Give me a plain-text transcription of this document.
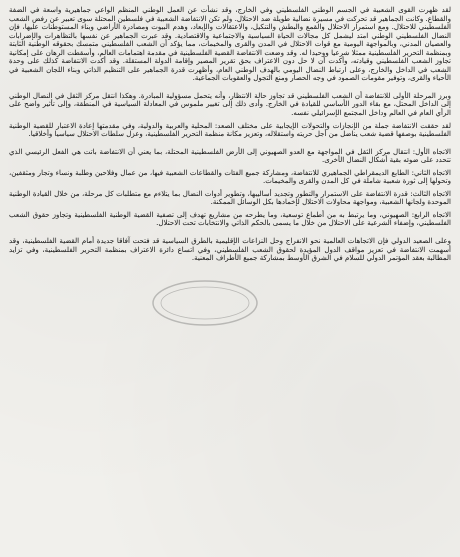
لقد ظهرت القوى الشعبية في الجسم الوطني الفلسطيني وفي الخارج، وقد نشأت عن العمل الوطني المنظم الواعي جماهيرية واسعة في الضفة والقطاع. وكانت الجماهير قد تحركت في مسيرة نضالية طويلة ضد الاحتلال. ولم تكن الانتفاضة الشعبية في فلسطين المحتلة سوى تعبير عن رفض الشعب الفلسطيني للاحتلال. ومع استمرار الاحتلال والقمع والبطش والتنكيل، والاعتقالات والإبعاد، وهدم البيوت ومصادرة الأراضي وبناء المستوطنات عليها، فإن النضال الفلسطيني الوطني امتد ليشمل كل مجالات الحياة السياسية والاجتماعية والاقتصادية. وقد عبرت الجماهير عن نفسها بالتظاهرات والإضرابات والعصيان المدني، وبالمواجهة اليومية مع قوات الاحتلال في المدن والقرى والمخيمات، مما يؤكد أن الشعب الفلسطيني متمسك بحقوقه الوطنية الثابتة وبمنظمة التحرير الفلسطينية ممثلا شرعيا ووحيدا له. وقد وضعت الانتفاضة القضية الفلسطينية في مقدمة اهتمامات العالم، وأسقطت الرهان على إمكانية تجاوز الشعب الفلسطيني وقيادته، وأكدت أن لا حل دون الاعتراف بحق تقرير المصير وإقامة الدولة المستقلة. وقد أكدت الانتفاضة كذلك على وحدة الشعب في الداخل والخارج، وعلى ارتباط النضال اليومي بالهدف الوطني العام، وأظهرت قدرة الجماهير على التنظيم الذاتي وبناء اللجان الشعبية في الأحياء والقرى، وتوفير مقومات الصمود في وجه الحصار ومنع التجول والعقوبات الجماعية.

وبرز المرحلة الأولى للانتفاضة أن الشعب الفلسطيني قد تجاوز حالة الانتظار، وأنه يتحمل مسؤولية المبادرة. وهكذا انتقل مركز الثقل في النضال الوطني إلى الداخل المحتل، مع بقاء الدور الأساسي للقيادة في الخارج. وأدى ذلك إلى تغيير ملموس في المعادلة السياسية في المنطقة، وإلى تأثير واضح على الرأي العام في العالم وداخل المجتمع الإسرائيلي نفسه.

لقد حققت الانتفاضة جملة من الإنجازات والتحولات الإيجابية على مختلف الصعد: المحلية والعربية والدولية، وفي مقدمتها إعادة الاعتبار للقضية الوطنية الفلسطينية بوصفها قضية شعب يناضل من أجل حريته واستقلاله، وتعزيز مكانة منظمة التحرير الفلسطينية، وعزل سلطات الاحتلال سياسيا وأخلاقيا.

الاتجاه الأول: انتقال مركز الثقل في المواجهة مع العدو الصهيوني إلى الأرض الفلسطينية المحتلة، بما يعني أن الانتفاضة باتت هي الفعل الرئيسي الذي تتحدد على ضوئه بقية أشكال النضال الأخرى.

الاتجاه الثاني: الطابع الديمقراطي الجماهيري للانتفاضة، ومشاركة جميع الفئات والقطاعات الشعبية فيها، من عمال وفلاحين وطلبة ونساء وتجار ومثقفين، وتحولها إلى ثورة شعبية شاملة في كل المدن والقرى والمخيمات.

الاتجاه الثالث: قدرة الانتفاضة على الاستمرار والتطور وتجديد أساليبها، وتطوير أدوات النضال بما يتلاءم مع متطلبات كل مرحلة، من خلال القيادة الوطنية الموحدة ولجانها الشعبية، ومواجهة محاولات الاحتلال لإخمادها بكل الوسائل الممكنة.

الاتجاه الرابع: الصهيوني، وما يرتبط به من أطماع توسعية، وما يطرحه من مشاريع تهدف إلى تصفية القضية الوطنية الفلسطينية وتجاوز حقوق الشعب الفلسطيني، وإضفاء الشرعية على الاحتلال من خلال ما يسمى بالحكم الذاتي والانتخابات تحت الاحتلال.

وعلى الصعيد الدولي فإن الاتجاهات العالمية نحو الانفراج وحل النزاعات الإقليمية بالطرق السياسية قد فتحت آفاقا جديدة أمام القضية الفلسطينية، وقد أسهمت الانتفاضة في تعزيز مواقف الدول المؤيدة لحقوق الشعب الفلسطيني، وفي اتساع دائرة الاعتراف بمنظمة التحرير الفلسطينية، وفي تزايد المطالبة بعقد المؤتمر الدولي للسلام في الشرق الأوسط بمشاركة جميع الأطراف المعنية.
